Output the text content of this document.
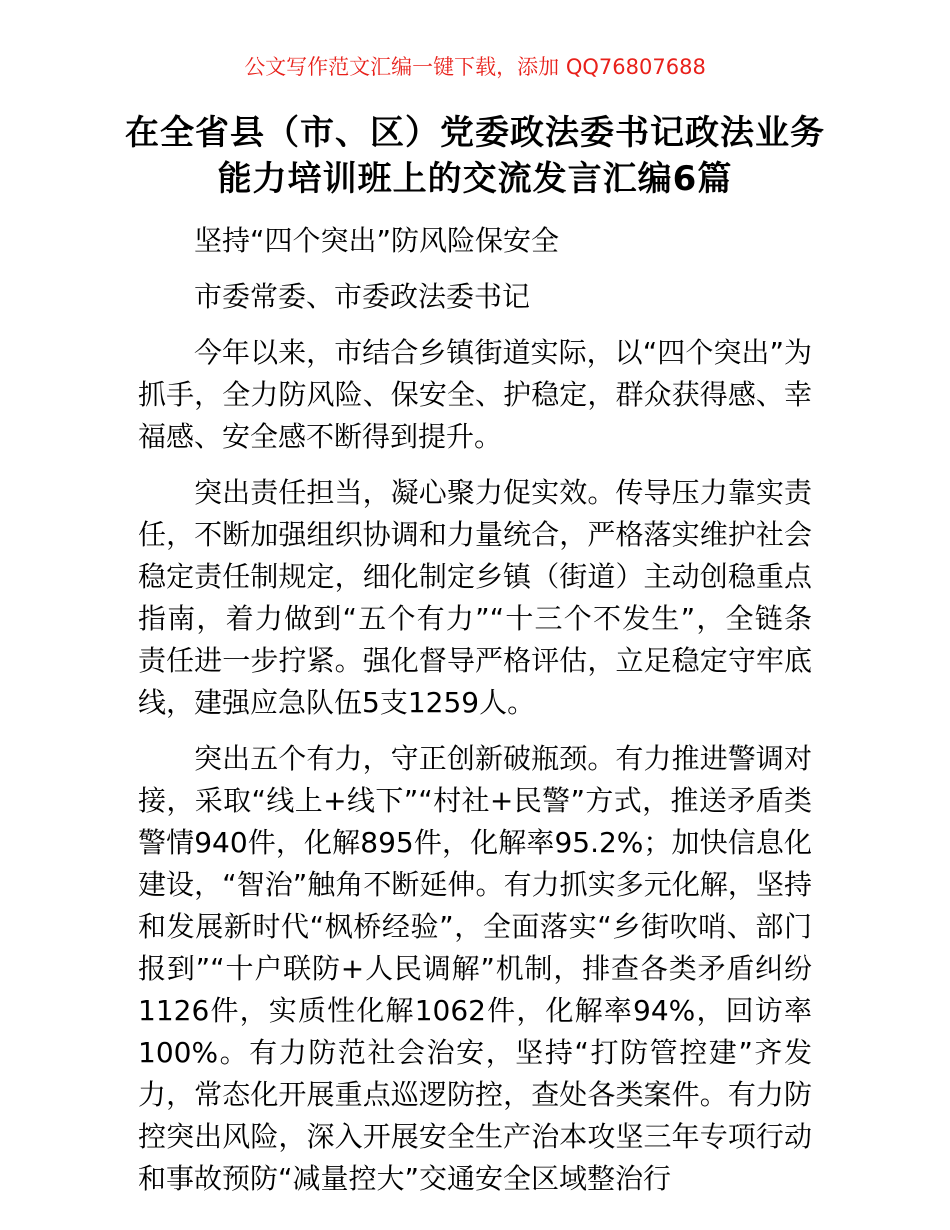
公文写作范文汇编一键下载，添加 QQ76807688
在全省县（市、区）党委政法委书记政法业务
能力培训班上的交流发言汇编6篇

坚持“四个突出”防风险保安全

市委常委、市委政法委书记

今年以来，市结合乡镇街道实际，以“四个突出”为抓手，全力防风险、保安全、护稳定，群众获得感、幸福感、安全感不断得到提升。

突出责任担当，凝心聚力促实效。传导压力靠实责任，不断加强组织协调和力量统合，严格落实维护社会稳定责任制规定，细化制定乡镇（街道）主动创稳重点指南，着力做到“五个有力”“十三个不发生”，全链条责任进一步拧紧。强化督导严格评估，立足稳定守牢底线，建强应急队伍5支1259人。

突出五个有力，守正创新破瓶颈。有力推进警调对接，采取“线上+线下”“村社+民警”方式，推送矛盾类警情940件，化解895件，化解率95.2%；加快信息化建设，“智治”触角不断延伸。有力抓实多元化解，坚持和发展新时代“枫桥经验”，全面落实“乡街吹哨、部门报到”“十户联防+人民调解”机制，排查各类矛盾纠纷1126件，实质性化解1062件，化解率94%，回访率100%。有力防范社会治安，坚持“打防管控建”齐发力，常态化开展重点巡逻防控，查处各类案件。有力防控突出风险，深入开展安全生产治本攻坚三年专项行动和事故预防“减量控大”交通安全区域整治行
